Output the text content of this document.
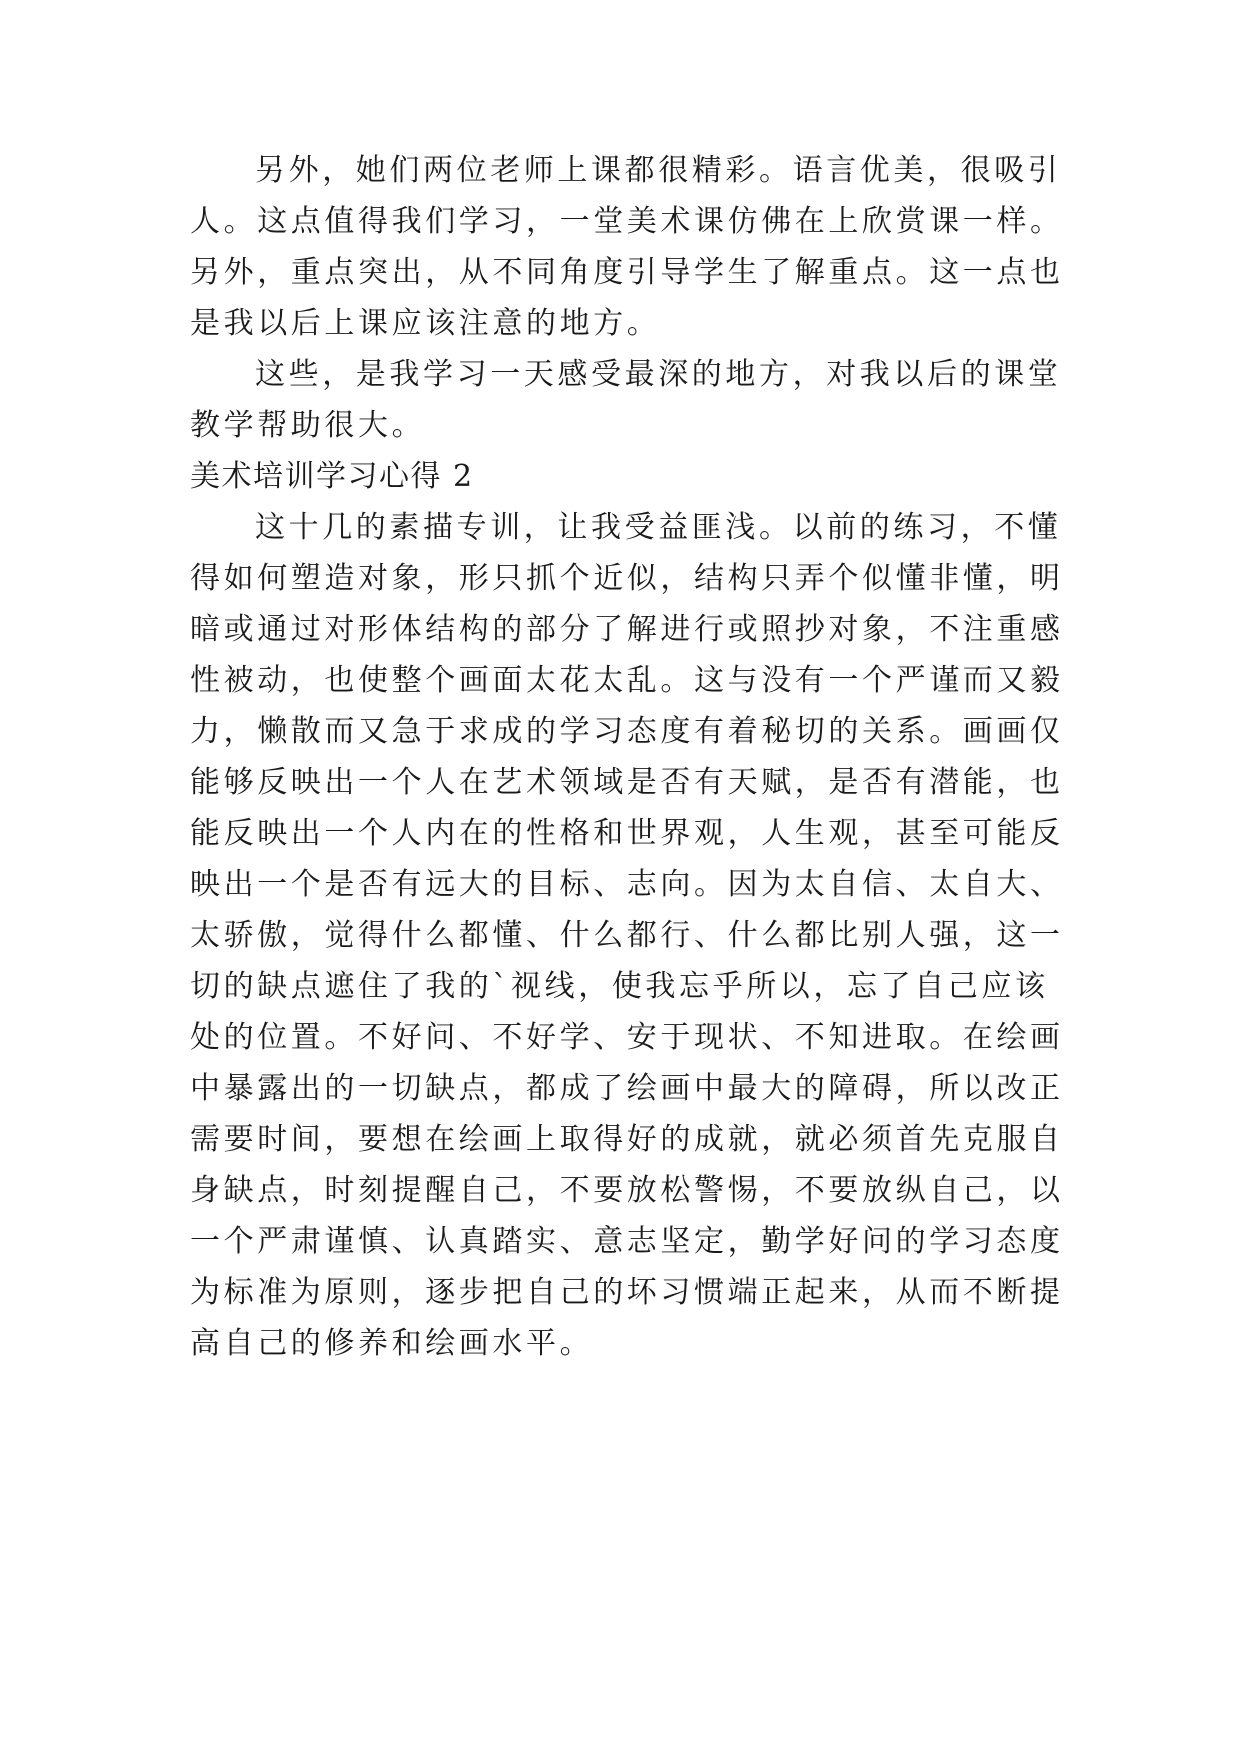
另外，她们两位老师上课都很精彩。语言优美，很吸引
人。这点值得我们学习，一堂美术课仿佛在上欣赏课一样。
另外，重点突出，从不同角度引导学生了解重点。这一点也
是我以后上课应该注意的地方。
这些，是我学习一天感受最深的地方，对我以后的课堂
教学帮助很大。
美术培训学习心得 2
这十几的素描专训，让我受益匪浅。以前的练习，不懂
得如何塑造对象，形只抓个近似，结构只弄个似懂非懂，明
暗或通过对形体结构的部分了解进行或照抄对象，不注重感
性被动，也使整个画面太花太乱。这与没有一个严谨而又毅
力，懒散而又急于求成的学习态度有着秘切的关系。画画仅
能够反映出一个人在艺术领域是否有天赋，是否有潜能，也
能反映出一个人内在的性格和世界观，人生观，甚至可能反
映出一个是否有远大的目标、志向。因为太自信、太自大、
太骄傲，觉得什么都懂、什么都行、什么都比别人强，这一
切的缺点遮住了我的`视线，使我忘乎所以，忘了自己应该
处的位置。不好问、不好学、安于现状、不知进取。在绘画
中暴露出的一切缺点，都成了绘画中最大的障碍，所以改正
需要时间，要想在绘画上取得好的成就，就必须首先克服自
身缺点，时刻提醒自己，不要放松警惕，不要放纵自己，以
一个严肃谨慎、认真踏实、意志坚定，勤学好问的学习态度
为标准为原则，逐步把自己的坏习惯端正起来，从而不断提
高自己的修养和绘画水平。
